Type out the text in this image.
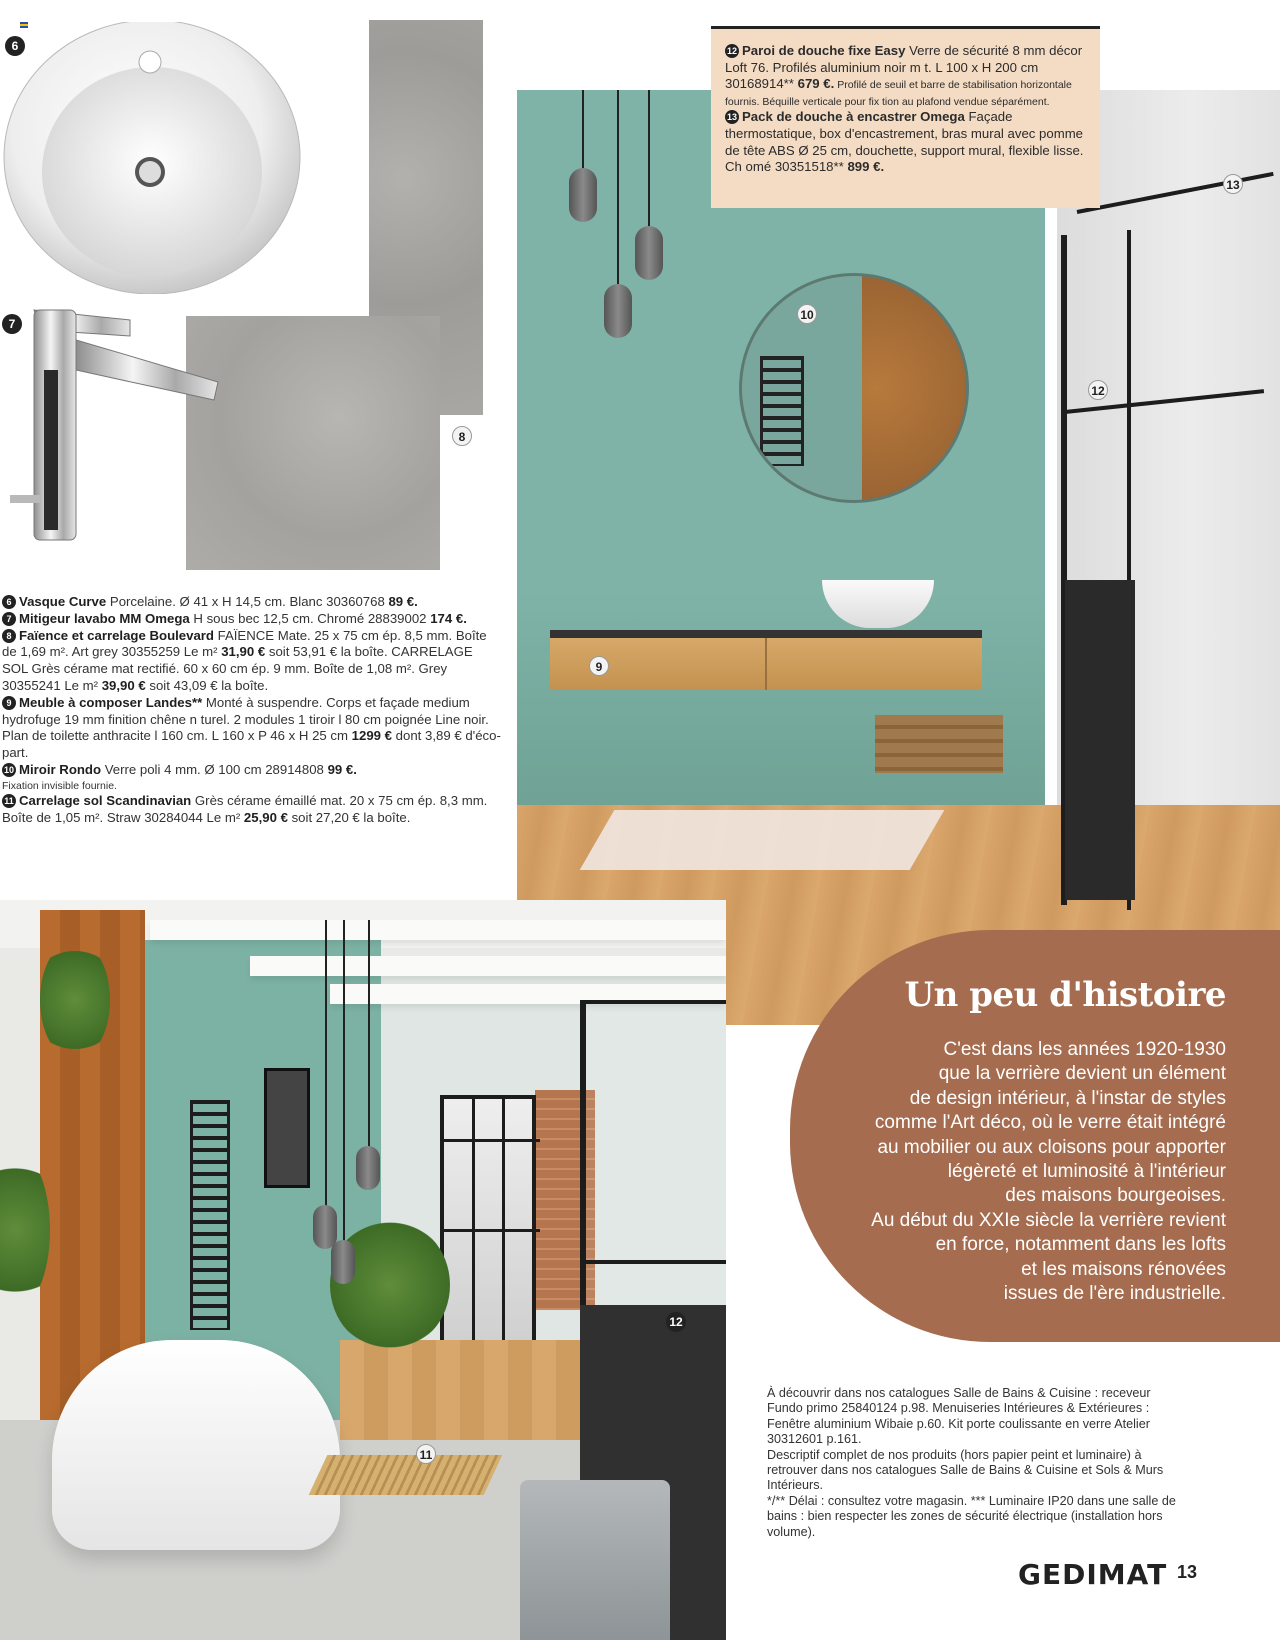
6
8
7

6 Vasque Curve Porcelaine. Ø 41 x H 14,5 cm. Blanc 30360768 89 €.

7 Mitigeur lavabo MM Omega H sous bec 12,5 cm. Chromé 28839002 174 €.

8 Faïence et carrelage Boulevard FAÏENCE Mate. 25 x 75 cm ép. 8,5 mm. Boîte de 1,69 m². Art grey 30355259 Le m² 31,90 € soit 53,91 € la boîte. CARRELAGE SOL Grès cérame mat rectifié. 60 x 60 cm ép. 9 mm. Boîte de 1,08 m². Grey 30355241 Le m² 39,90 € soit 43,09 € la boîte.

9 Meuble à composer Landes** Monté à suspendre. Corps et façade medium hydrofuge 19 mm finition chêne n turel. 2 modules 1 tiroir l 80 cm poignée Line noir. Plan de toilette anthracite l 160 cm. L 160 x P 46 x H 25 cm 1299 € dont 3,89 € d'éco-part.

10 Miroir Rondo Verre poli 4 mm. Ø 100 cm 28914808 99 €.

Fixation invisible fournie.

11 Carrelage sol Scandinavian Grès cérame émaillé mat. 20 x 75 cm ép. 8,3 mm. Boîte de 1,05 m². Straw 30284044 Le m² 25,90 € soit 27,20 € la boîte.

9
10
12
13

12 Paroi de douche fixe Easy Verre de sécurité 8 mm décor Loft 76. Profilés aluminium noir m t. L 100 x H 200 cm 30168914** 679 €. Profilé de seuil et barre de stabilisation horizontale fournis. Béquille verticale pour fix tion au plafond vendue séparément.

13 Pack de douche à encastrer Omega Façade thermostatique, box d'encastrement, bras mural avec pomme de tête ABS Ø 25 cm, douchette, support mural, flexible lisse. Ch omé 30351518** 899 €.

11
12
Un peu d'histoire

C'est dans les années 1920-1930

que la verrière devient un élément

de design intérieur, à l'instar de styles

comme l'Art déco, où le verre était intégré

au mobilier ou aux cloisons pour apporter

légèreté et luminosité à l'intérieur

des maisons bourgeoises.

Au début du XXIe siècle la verrière revient

en force, notamment dans les lofts

et les maisons rénovées

issues de l'ère industrielle.

À découvrir dans nos catalogues Salle de Bains & Cuisine : receveur Fundo primo 25840124 p.98. Menuiseries Intérieures & Extérieures : Fenêtre aluminium Wibaie p.60. Kit porte coulissante en verre Atelier 30312601 p.161.

Descriptif complet de nos produits (hors papier peint et luminaire) à retrouver dans nos catalogues Salle de Bains & Cuisine et Sols & Murs Intérieurs.

*/** Délai : consultez votre magasin. *** Luminaire IP20 dans une salle de bains : bien respecter les zones de sécurité électrique (installation hors volume).

GEDIMAT 13
